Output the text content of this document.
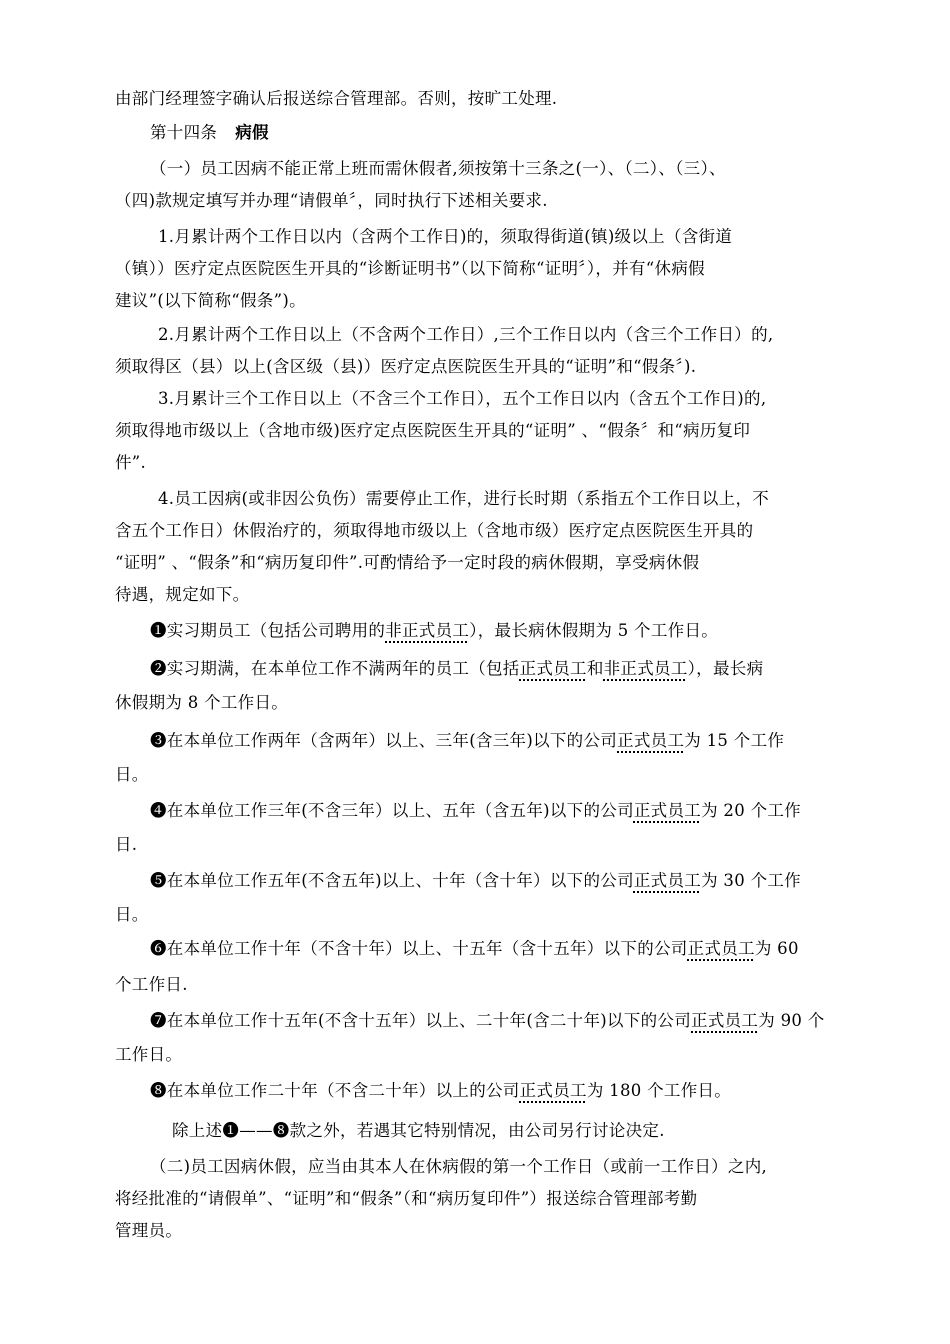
由部门经理签字确认后报送综合管理部。否则，按旷工处理.
第十四条 病假
（一）员工因病不能正常上班而需休假者,须按第十三条之(一）、（二）、（三）、
（四)款规定填写并办理“请假单〞，同时执行下述相关要求.
1.月累计两个工作日以内（含两个工作日)的，须取得街道(镇)级以上（含街道
（镇））医疗定点医院医生开具的“诊断证明书”（以下简称“证明〞），并有“休病假
建议”(以下简称“假条”)。
2.月累计两个工作日以上（不含两个工作日）,三个工作日以内（含三个工作日）的,
须取得区（县）以上(含区级（县)）医疗定点医院医生开具的“证明”和“假条〞).
3.月累计三个工作日以上（不含三个工作日），五个工作日以内（含五个工作日)的,
须取得地市级以上（含地市级)医疗定点医院医生开具的“证明” 、“假条〞和“病历复印
件”.
4.员工因病(或非因公负伤）需要停止工作，进行长时期（系指五个工作日以上，不
含五个工作日）休假治疗的，须取得地市级以上（含地市级）医疗定点医院医生开具的
“证明” 、“假条”和“病历复印件”.可酌情给予一定时段的病休假期，享受病休假
待遇，规定如下。
❶实习期员工（包括公司聘用的非正式员工），最长病休假期为 5 个工作日。
❷实习期满，在本单位工作不满两年的员工（包括正式员工和非正式员工），最长病
休假期为 8 个工作日。
❸在本单位工作两年（含两年）以上、三年(含三年)以下的公司正式员工为 15 个工作
日。
❹在本单位工作三年(不含三年）以上、五年（含五年)以下的公司正式员工为 20 个工作
日.
❺在本单位工作五年(不含五年)以上、十年（含十年）以下的公司正式员工为 30 个工作
日。
❻在本单位工作十年（不含十年）以上、十五年（含十五年）以下的公司正式员工为 60
个工作日.
❼在本单位工作十五年(不含十五年）以上、二十年(含二十年)以下的公司正式员工为 90 个
工作日。
❽在本单位工作二十年（不含二十年）以上的公司正式员工为 180 个工作日。
除上述❶——❽款之外，若遇其它特别情况，由公司另行讨论决定.
（二)员工因病休假，应当由其本人在休病假的第一个工作日（或前一工作日）之内,
将经批准的“请假单”、“证明”和“假条”（和“病历复印件”）报送综合管理部考勤
管理员。
